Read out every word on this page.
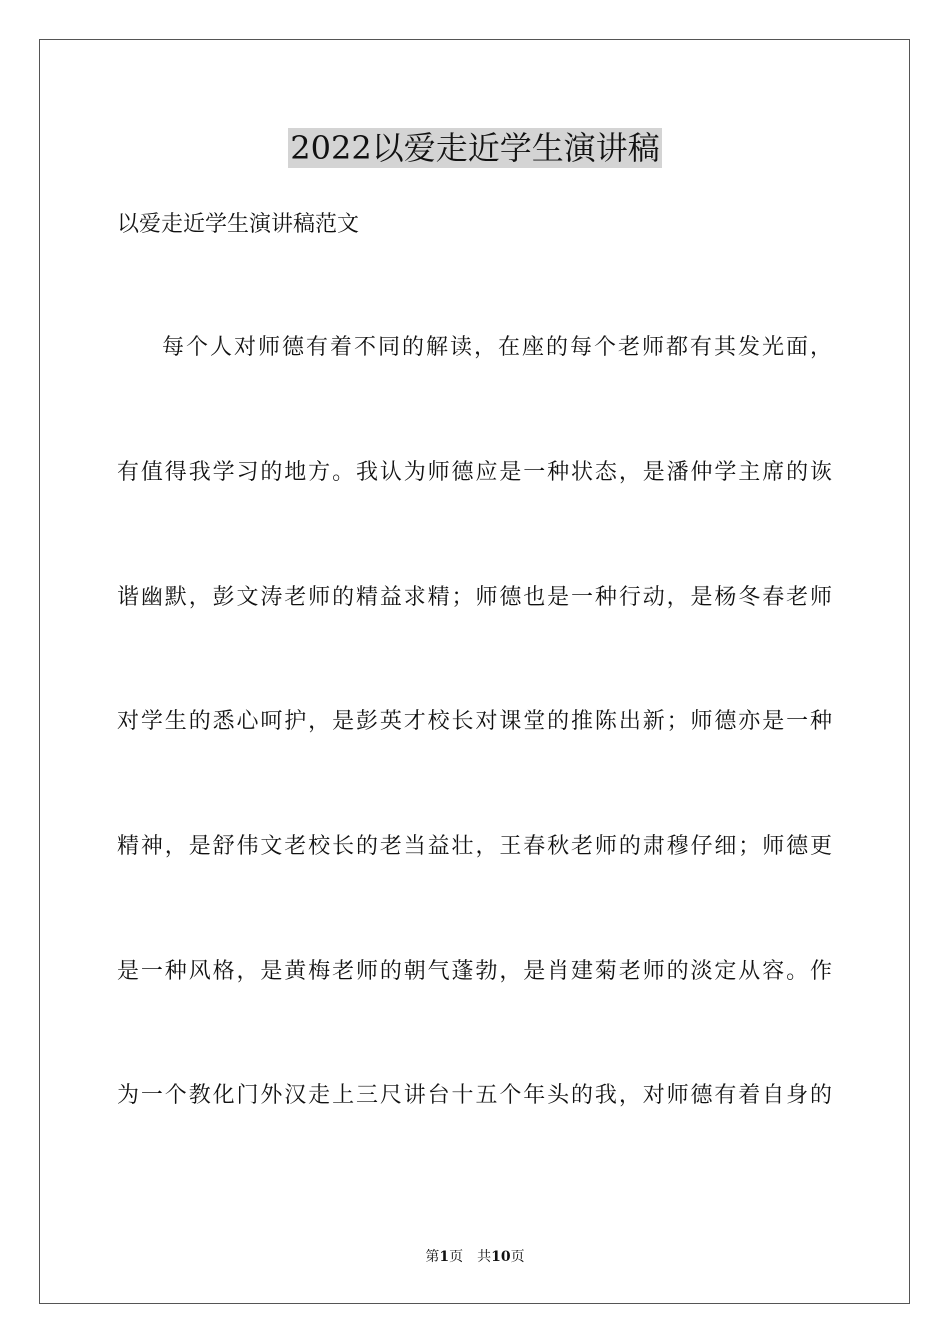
2022以爱走近学生演讲稿
以爱走近学生演讲稿范文
每个人对师德有着不同的解读，在座的每个老师都有其发光面，
有值得我学习的地方。我认为师德应是一种状态，是潘仲学主席的诙
谐幽默，彭文涛老师的精益求精；师德也是一种行动，是杨冬春老师
对学生的悉心呵护，是彭英才校长对课堂的推陈出新；师德亦是一种
精神，是舒伟文老校长的老当益壮，王春秋老师的肃穆仔细；师德更
是一种风格，是黄梅老师的朝气蓬勃，是肖建菊老师的淡定从容。作
为一个教化门外汉走上三尺讲台十五个年头的我，对师德有着自身的
第1页 共10页
